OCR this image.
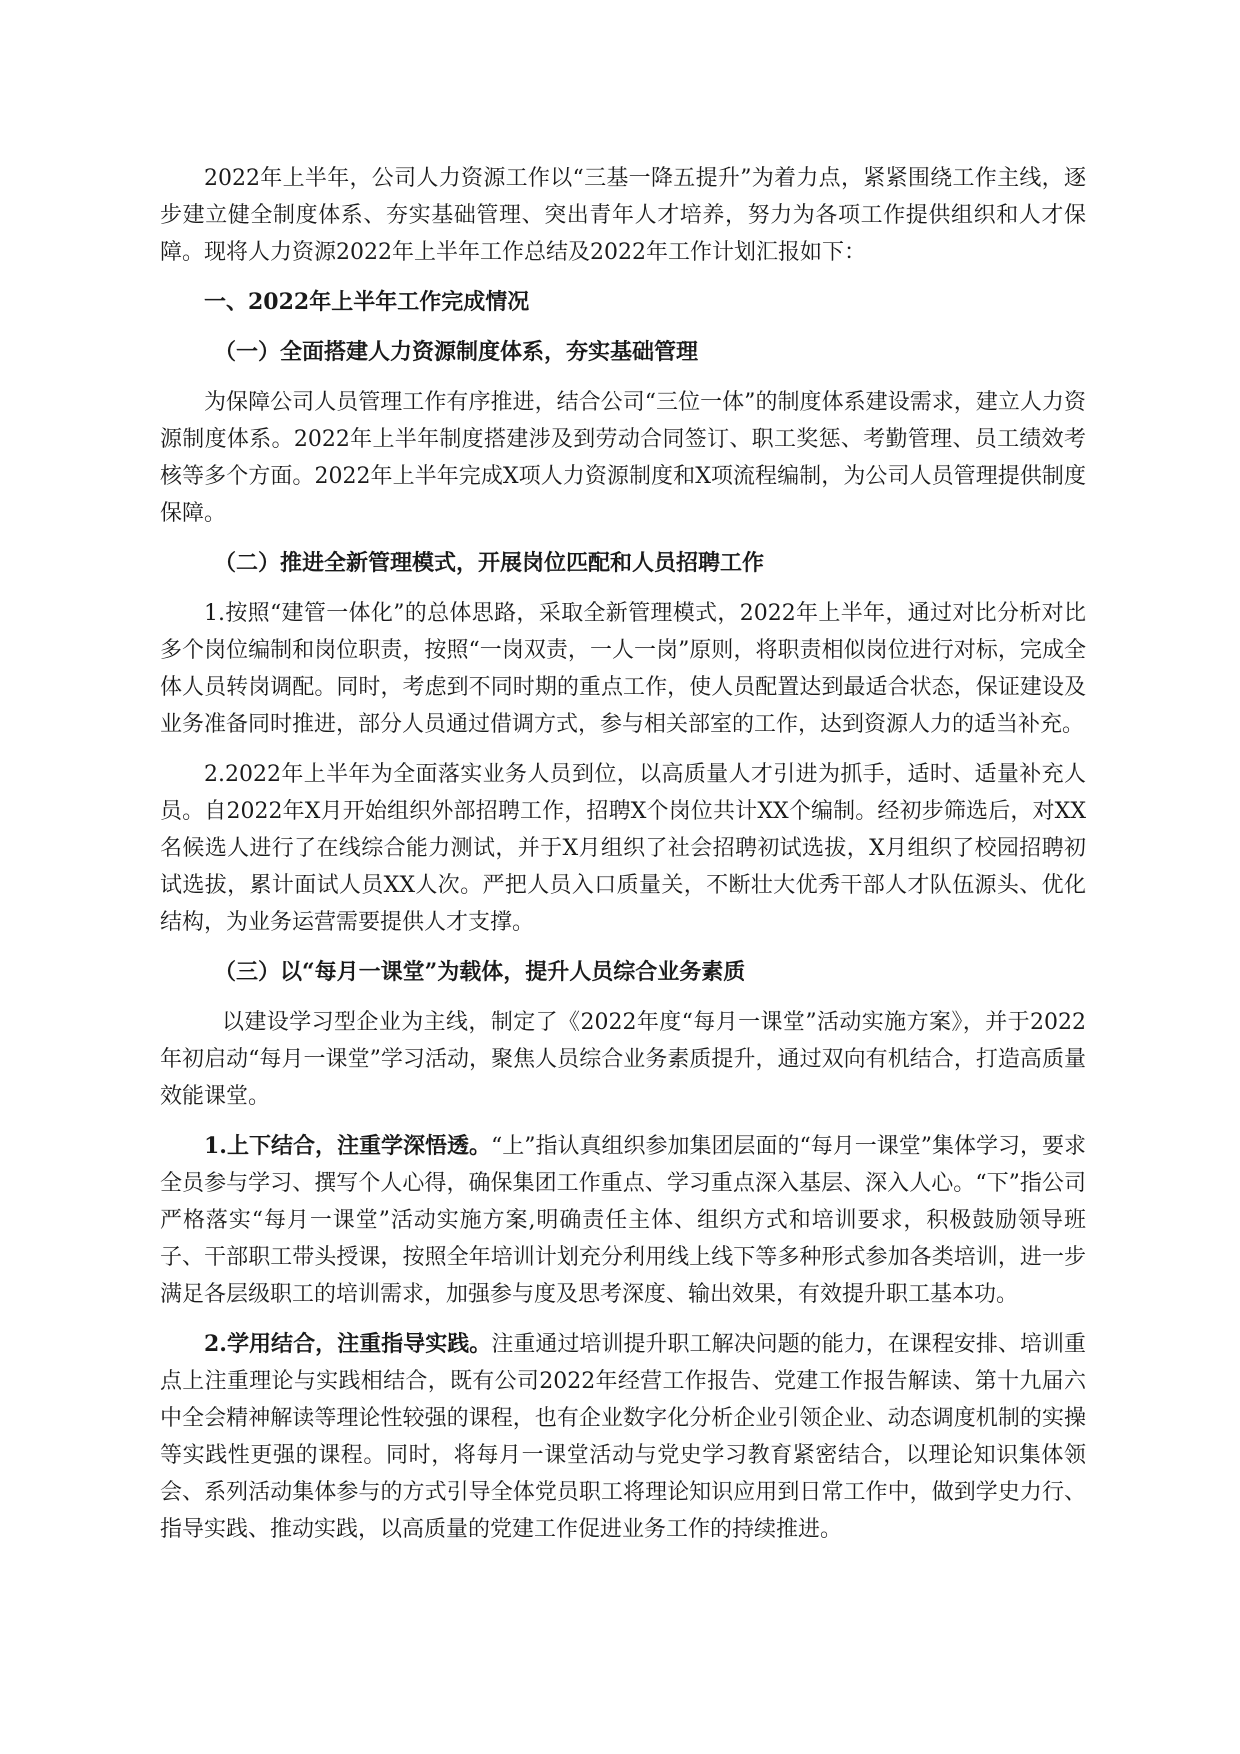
2022年上半年，公司人力资源工作以“三基一降五提升”为着力点，紧紧围绕工作主线，逐步建立健全制度体系、夯实基础管理、突出青年人才培养，努力为各项工作提供组织和人才保障。现将人力资源2022年上半年工作总结及2022年工作计划汇报如下：

一、2022年上半年工作完成情况

（一）全面搭建人力资源制度体系，夯实基础管理

为保障公司人员管理工作有序推进，结合公司“三位一体”的制度体系建设需求，建立人力资源制度体系。2022年上半年制度搭建涉及到劳动合同签订、职工奖惩、考勤管理、员工绩效考核等多个方面。2022年上半年完成X项人力资源制度和X项流程编制，为公司人员管理提供制度保障。

（二）推进全新管理模式，开展岗位匹配和人员招聘工作

1.按照“建管一体化”的总体思路，采取全新管理模式，2022年上半年，通过对比分析对比多个岗位编制和岗位职责，按照“一岗双责，一人一岗”原则，将职责相似岗位进行对标，完成全体人员转岗调配。同时，考虑到不同时期的重点工作，使人员配置达到最适合状态，保证建设及业务准备同时推进，部分人员通过借调方式，参与相关部室的工作，达到资源人力的适当补充。

2.2022年上半年为全面落实业务人员到位，以高质量人才引进为抓手，适时、适量补充人员。自2022年X月开始组织外部招聘工作，招聘X个岗位共计XX个编制。经初步筛选后，对XX名候选人进行了在线综合能力测试，并于X月组织了社会招聘初试选拔，X月组织了校园招聘初试选拔，累计面试人员XX人次。严把人员入口质量关，不断壮大优秀干部人才队伍源头、优化结构，为业务运营需要提供人才支撑。

（三）以“每月一课堂”为载体，提升人员综合业务素质

以建设学习型企业为主线，制定了《2022年度“每月一课堂”活动实施方案》，并于2022年初启动“每月一课堂”学习活动，聚焦人员综合业务素质提升，通过双向有机结合，打造高质量效能课堂。

1.上下结合，注重学深悟透。“上”指认真组织参加集团层面的“每月一课堂”集体学习，要求全员参与学习、撰写个人心得，确保集团工作重点、学习重点深入基层、深入人心。“下”指公司严格落实“每月一课堂”活动实施方案,明确责任主体、组织方式和培训要求，积极鼓励领导班子、干部职工带头授课，按照全年培训计划充分利用线上线下等多种形式参加各类培训，进一步满足各层级职工的培训需求，加强参与度及思考深度、输出效果，有效提升职工基本功。

2.学用结合，注重指导实践。注重通过培训提升职工解决问题的能力，在课程安排、培训重点上注重理论与实践相结合，既有公司2022年经营工作报告、党建工作报告解读、第十九届六中全会精神解读等理论性较强的课程，也有企业数字化分析企业引领企业、动态调度机制的实操等实践性更强的课程。同时，将每月一课堂活动与党史学习教育紧密结合，以理论知识集体领会、系列活动集体参与的方式引导全体党员职工将理论知识应用到日常工作中，做到学史力行、指导实践、推动实践，以高质量的党建工作促进业务工作的持续推进。
